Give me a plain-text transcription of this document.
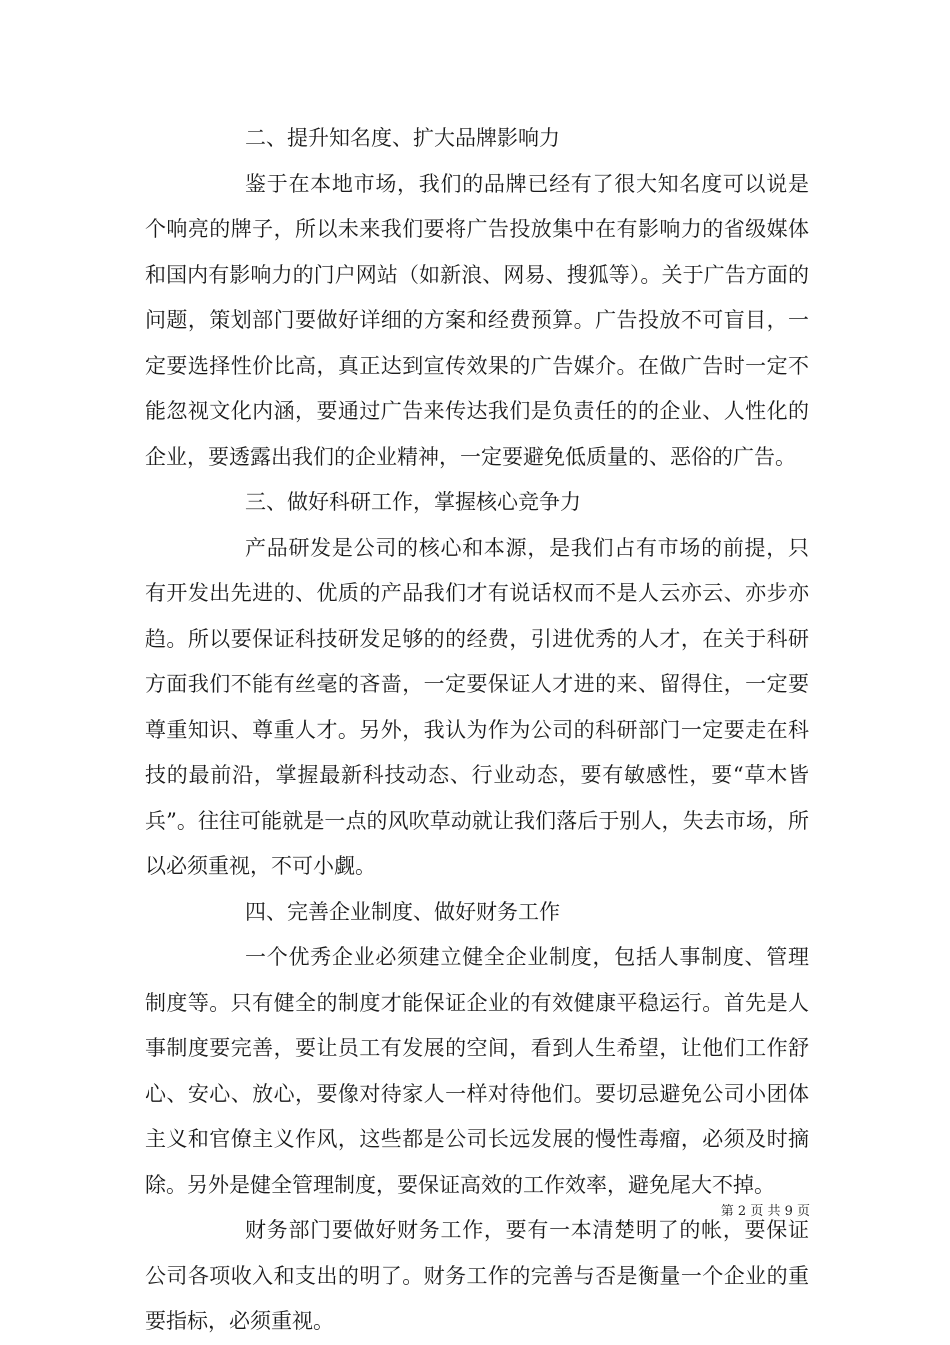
二、提升知名度、扩大品牌影响力

鉴于在本地市场，我们的品牌已经有了很大知名度可以说是个响亮的牌子，所以未来我们要将广告投放集中在有影响力的省级媒体和国内有影响力的门户网站（如新浪、网易、搜狐等）。关于广告方面的问题，策划部门要做好详细的方案和经费预算。广告投放不可盲目，一定要选择性价比高，真正达到宣传效果的广告媒介。在做广告时一定不能忽视文化内涵，要通过广告来传达我们是负责任的的企业、人性化的企业，要透露出我们的企业精神，一定要避免低质量的、恶俗的广告。

三、做好科研工作，掌握核心竞争力

产品研发是公司的核心和本源，是我们占有市场的前提，只有开发出先进的、优质的产品我们才有说话权而不是人云亦云、亦步亦趋。所以要保证科技研发足够的的经费，引进优秀的人才，在关于科研方面我们不能有丝毫的吝啬，一定要保证人才进的来、留得住，一定要尊重知识、尊重人才。另外，我认为作为公司的科研部门一定要走在科技的最前沿，掌握最新科技动态、行业动态，要有敏感性，要“草木皆兵”。往往可能就是一点的风吹草动就让我们落后于别人，失去市场，所以必须重视，不可小觑。

四、完善企业制度、做好财务工作

一个优秀企业必须建立健全企业制度，包括人事制度、管理制度等。只有健全的制度才能保证企业的有效健康平稳运行。首先是人事制度要完善，要让员工有发展的空间，看到人生希望，让他们工作舒心、安心、放心，要像对待家人一样对待他们。要切忌避免公司小团体主义和官僚主义作风，这些都是公司长远发展的慢性毒瘤，必须及时摘除。另外是健全管理制度，要保证高效的工作效率，避免尾大不掉。

财务部门要做好财务工作，要有一本清楚明了的帐，要保证公司各项收入和支出的明了。财务工作的完善与否是衡量一个企业的重要指标，必须重视。

第 2 页 共 9 页
